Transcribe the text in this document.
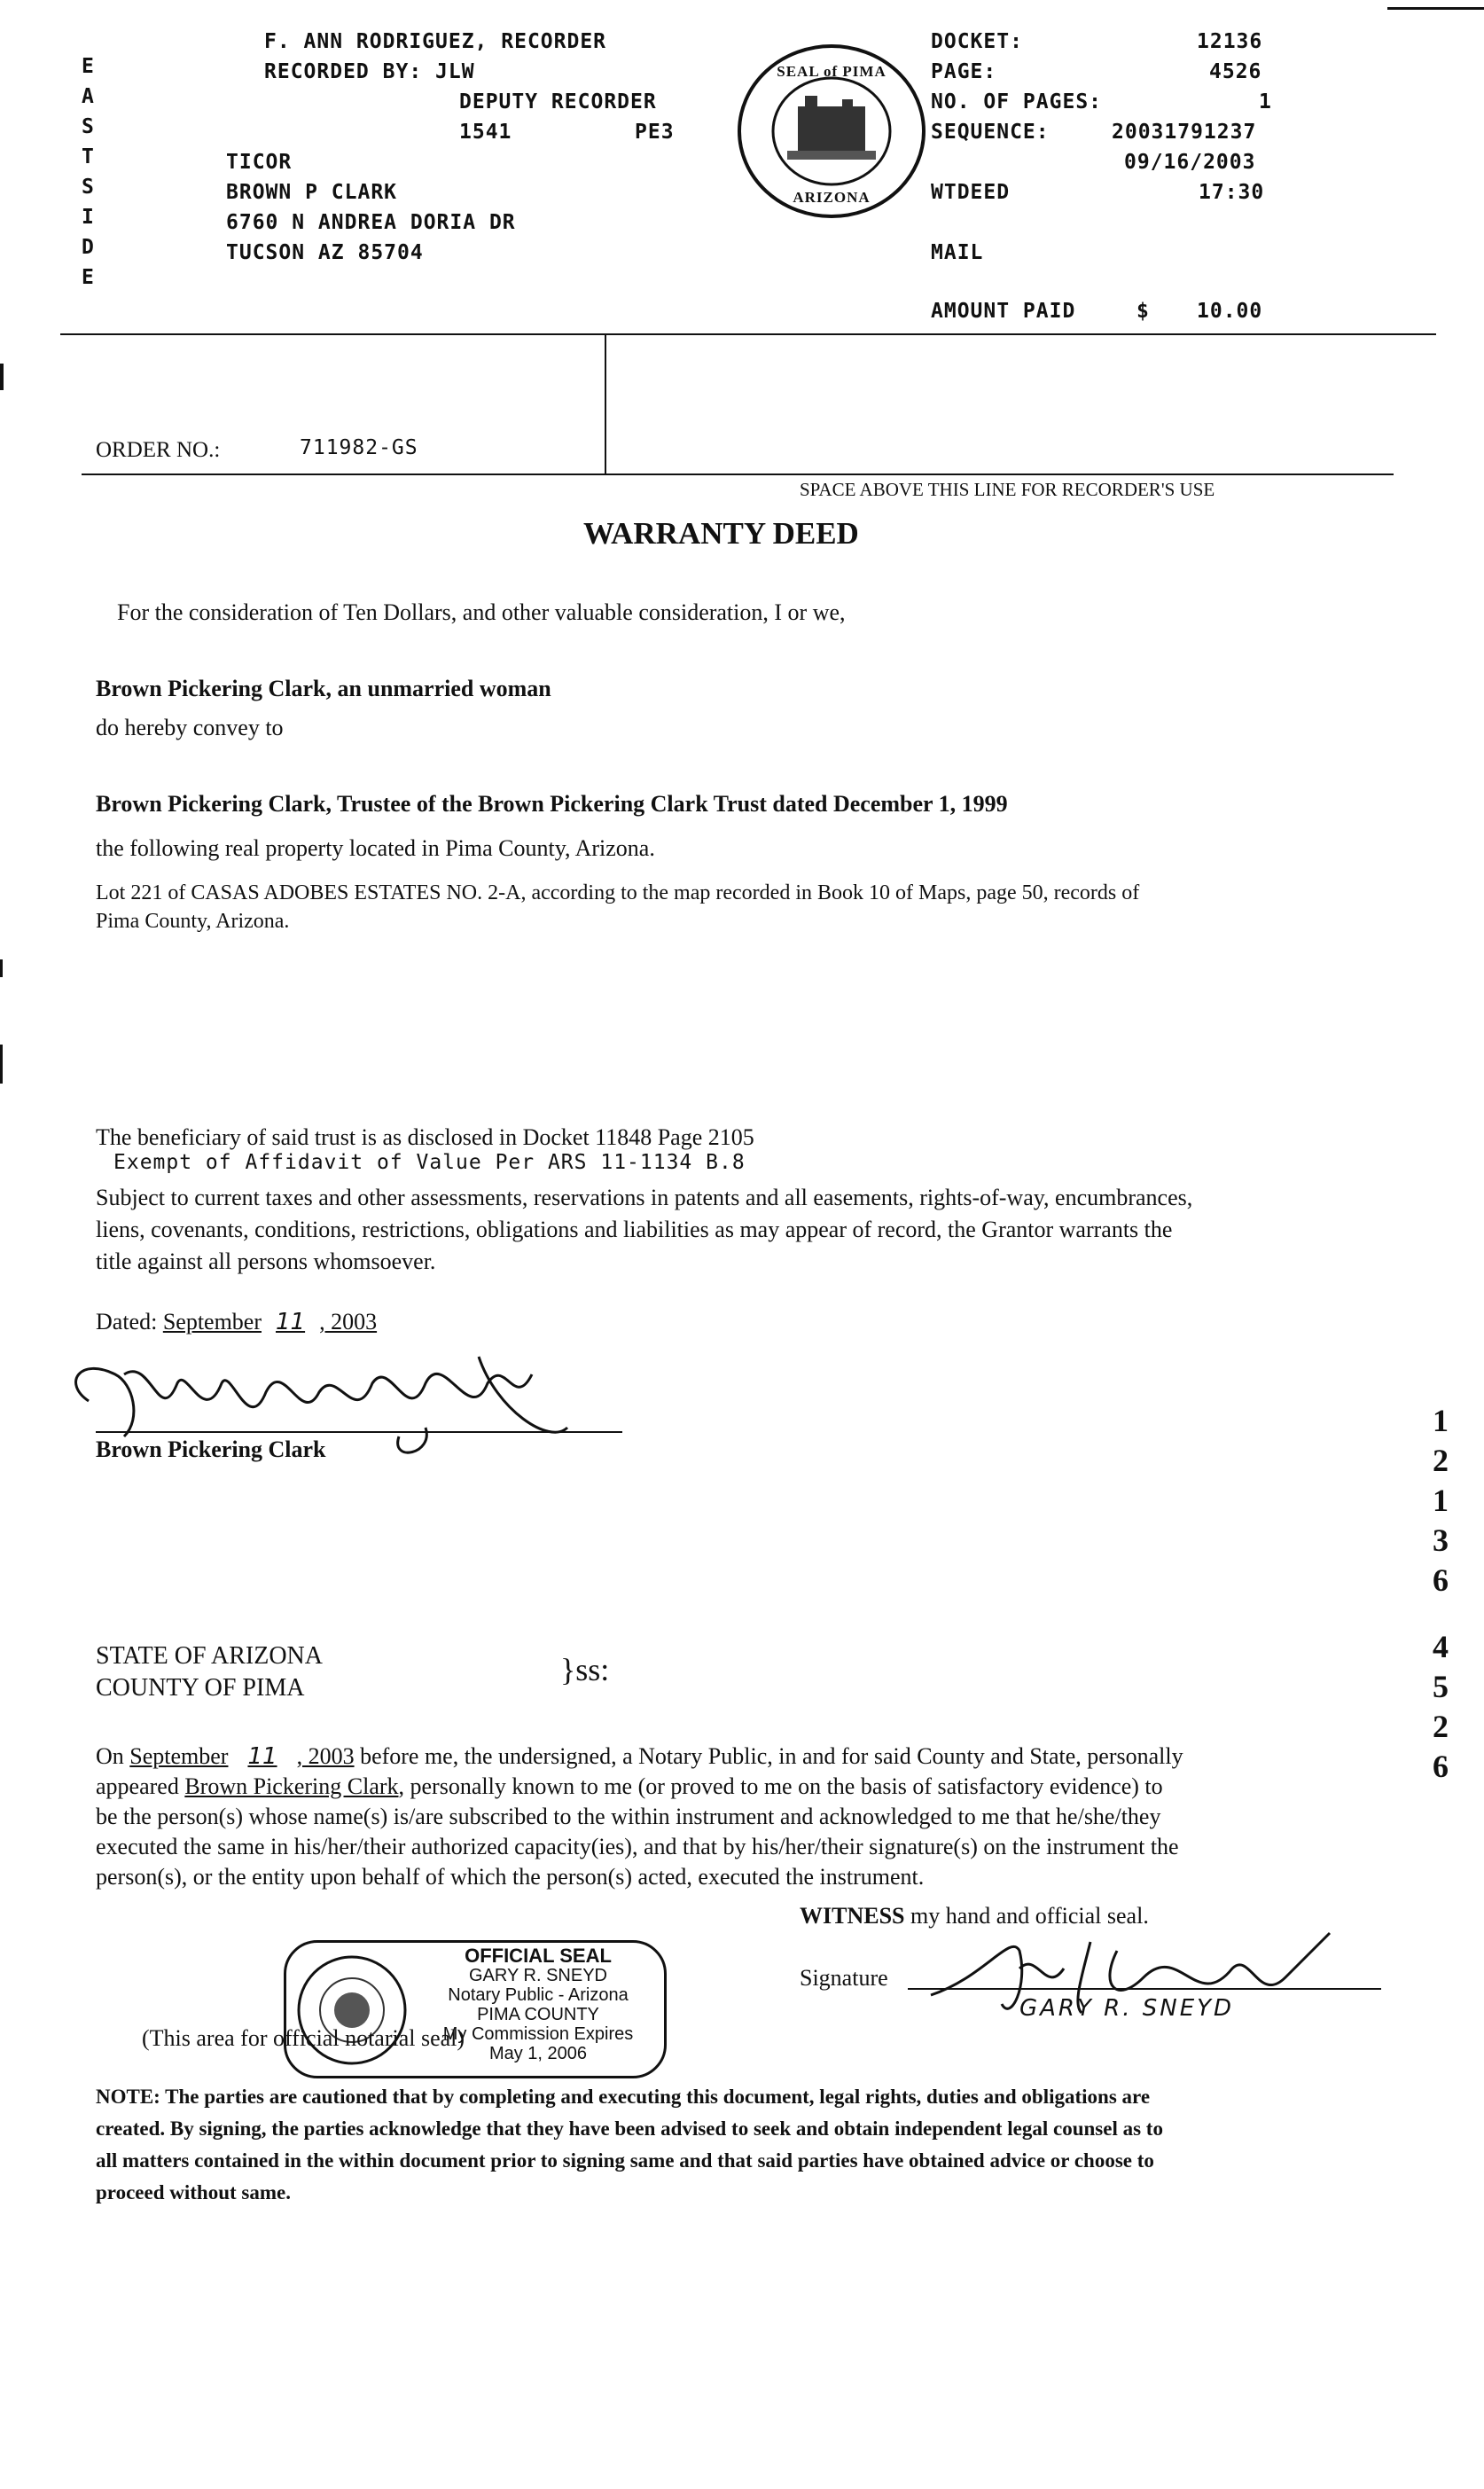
F. ANN RODRIGUEZ, RECORDER
RECORDED BY: JLW
DEPUTY RECORDER
1541	PE3
E
A
S
T
S
I
D
E
TICOR
BROWN P CLARK
6760 N ANDREA DORIA DR
TUCSON AZ 85704
SEAL of PIMA
ARIZONA
DOCKET:	12136
PAGE:	4526
NO. OF PAGES:	1
SEQUENCE:	20031791237
09/16/2003
WTDEED	17:30
MAIL
AMOUNT PAID	$ 10.00
ORDER NO.:	711982-GS
SPACE ABOVE THIS LINE FOR RECORDER'S USE
WARRANTY DEED
For the consideration of Ten Dollars, and other valuable consideration, I or we,
Brown Pickering Clark, an unmarried woman
do hereby convey to
Brown Pickering Clark, Trustee of the Brown Pickering Clark Trust dated December 1, 1999
the following real property located in Pima County, Arizona.
Lot 221 of CASAS ADOBES ESTATES NO. 2-A, according to the map recorded in Book 10 of Maps, page 50, records of
Pima County, Arizona.
The beneficiary of said trust is as disclosed in Docket 11848 Page 2105
Exempt of Affidavit of Value Per ARS 11-1134 B.8
Subject to current taxes and other assessments, reservations in patents and all easements, rights-of-way, encumbrances,
liens, covenants, conditions, restrictions, obligations and liabilities as may appear of record, the Grantor warrants the
title against all persons whomsoever.
Dated: September 11 , 2003
Brown Pickering Clark
1
2
1
3
6
4
5
2
6
STATE OF ARIZONA
COUNTY OF PIMA
}ss:
On September 11 , 2003 before me, the undersigned, a Notary Public, in and for said County and State, personally
appeared Brown Pickering Clark, personally known to me (or proved to me on the basis of satisfactory evidence) to
be the person(s) whose name(s) is/are subscribed to the within instrument and acknowledged to me that he/she/they
executed the same in his/her/their authorized capacity(ies), and that by his/her/their signature(s) on the instrument the
person(s), or the entity upon behalf of which the person(s) acted, executed the instrument.
WITNESS my hand and official seal.
Signature
GARY R. SNEYD
OFFICIAL SEAL
GARY R. SNEYD
Notary Public - Arizona
PIMA COUNTY
My Commission Expires
May 1, 2006
(This area for official notarial seal)
NOTE: The parties are cautioned that by completing and executing this document, legal rights, duties and obligations are
created. By signing, the parties acknowledge that they have been advised to seek and obtain independent legal counsel as to
all matters contained in the within document prior to signing same and that said parties have obtained advice or choose to
proceed without same.
